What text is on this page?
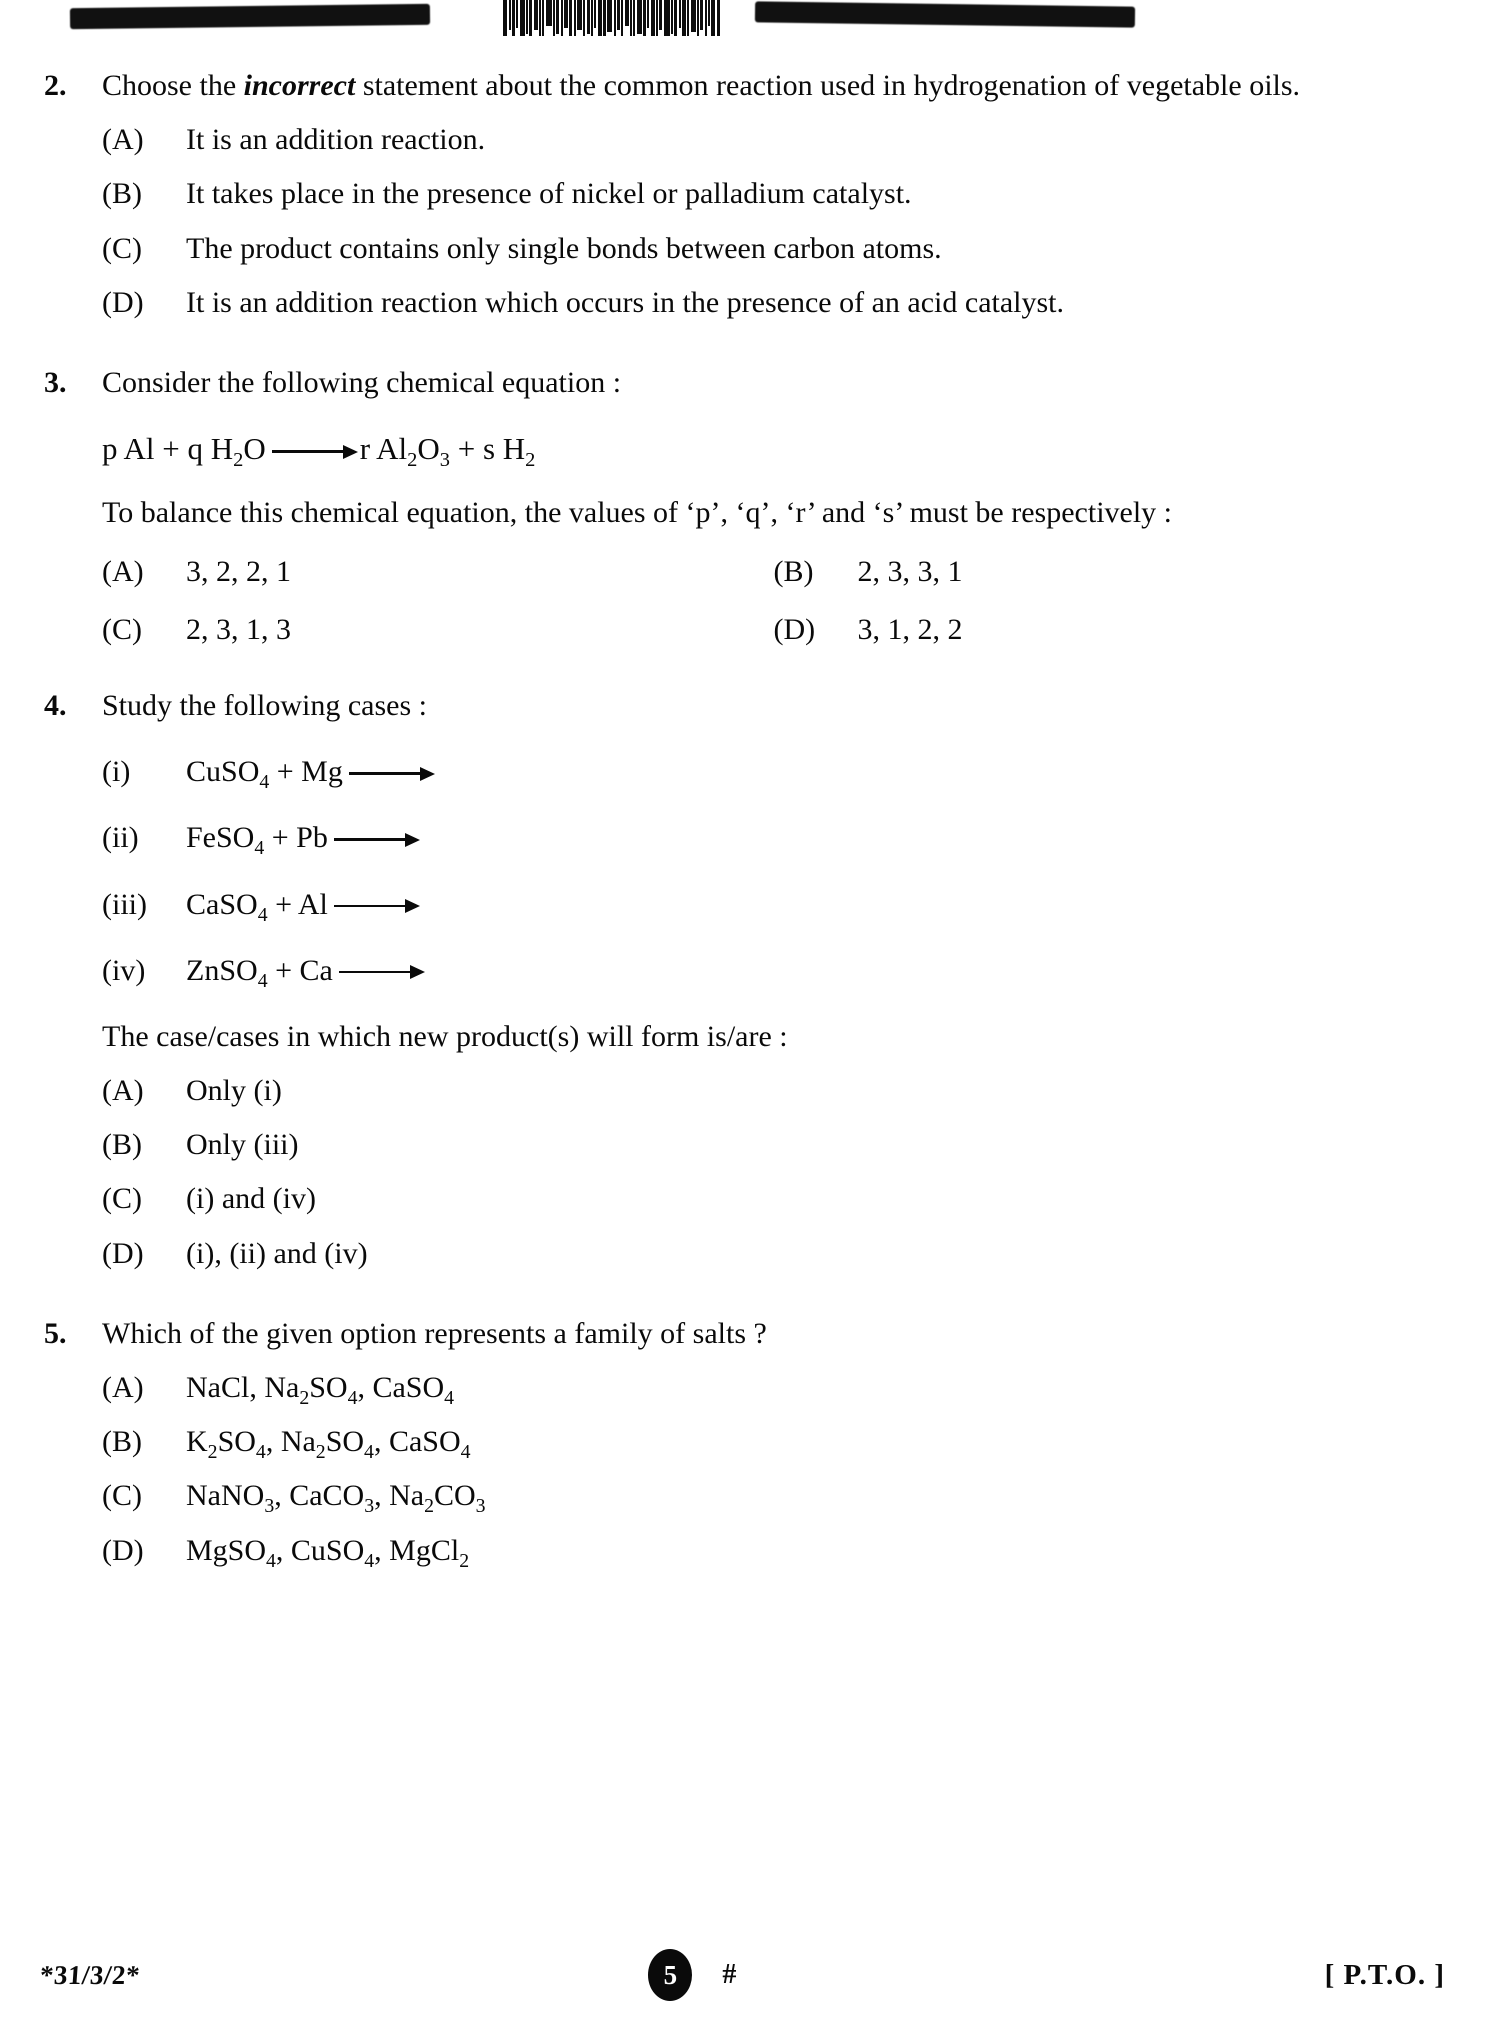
2.	Choose the incorrect statement about the common reaction used in hydrogenation of vegetable oils.

(A)	It is an addition reaction.
(B)	It takes place in the presence of nickel or palladium catalyst.
(C)	The product contains only single bonds between carbon atoms.
(D)	It is an addition reaction which occurs in the presence of an acid catalyst.
3.	Consider the following chemical equation :

p Al + q $H_2O$	r $Al_2O_3 + s$ $H_2$

To balance this chemical equation, the values of ‘p’, ‘q’, ‘r’ and ‘s’ must be respectively :

(A)	3, 2, 2, 1	(B)	2, 3, 3, 1
(C)	2, 3, 1, 3	(D)	3, 1, 2, 2
4.	Study the following cases :

(i)	CuSO$_4$ + Mg
(ii)	FeSO$_4$ + Pb
(iii)	CaSO$_4$ + Al
(iv)	ZnSO$_4$ + Ca

The case/cases in which new product(s) will form is/are :

(A)	Only (i)
(B)	Only (iii)
(C)	(i) and (iv)
(D)	(i), (ii) and (iv)
5.	Which of the given option represents a family of salts ?

(A)	NaCl, $Na_2SO_4$, CaSO$_4$
(B)	$K_2SO_4$, $Na_2SO_4$, CaSO$_4$
(C)	NaNO$_3$, CaCO$_3$, $Na_2CO_3$
(D)	MgSO$_4$, CuSO$_4$, MgCl$_2$
*31/3/2*	5	#	[ P.T.O. ]
